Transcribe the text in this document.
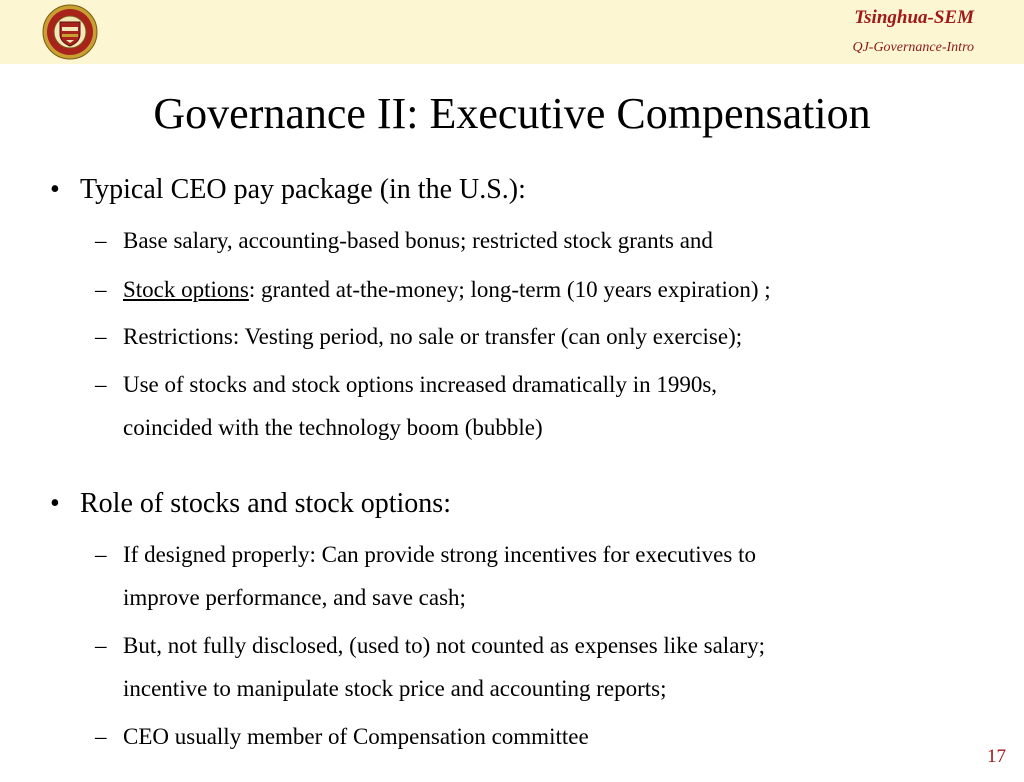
Tsinghua-SEM
QJ-Governance-Intro
Governance II: Executive Compensation
• Typical CEO pay package (in the U.S.):
– Base salary, accounting-based bonus; restricted stock grants and
– Stock options: granted at-the-money; long-term (10 years expiration) ;
– Restrictions: Vesting period, no sale or transfer (can only exercise);
– Use of stocks and stock options increased dramatically in 1990s,
coincided with the technology boom (bubble)
• Role of stocks and stock options:
– If designed properly: Can provide strong incentives for executives to
improve performance, and save cash;
– But, not fully disclosed, (used to) not counted as expenses like salary;
incentive to manipulate stock price and accounting reports;
– CEO usually member of Compensation committee
17
